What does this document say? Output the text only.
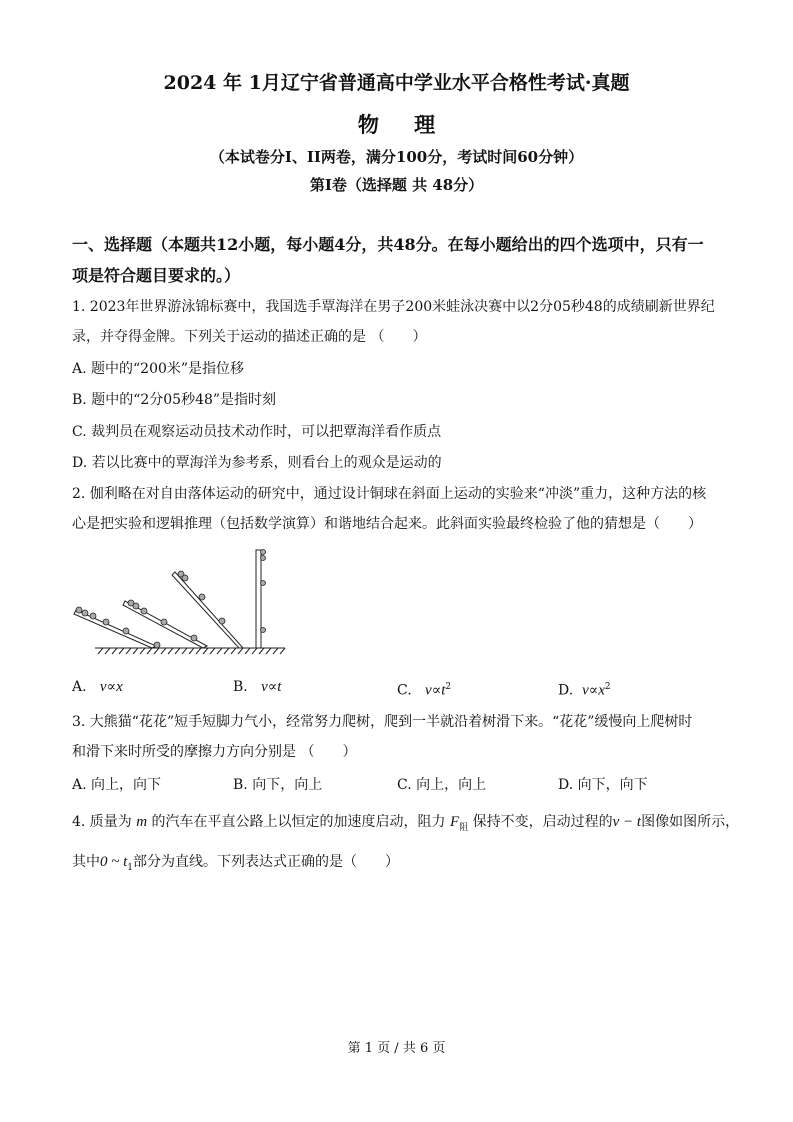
2024 年 1月辽宁省普通高中学业水平合格性考试·真题
物 理
（本试卷分I、II两卷，满分100分，考试时间60分钟）
第I卷（选择题 共 48分）
一、选择题（本题共12小题，每小题4分，共48分。在每小题给出的四个选项中，只有一
项是符合题目要求的。）
1. 2023年世界游泳锦标赛中，我国选手覃海洋在男子200米蛙泳决赛中以2分05秒48的成绩刷新世界纪
录，并夺得金牌。下列关于运动的描述正确的是 （　　）
A. 题中的“200米”是指位移
B. 题中的“2分05秒48”是指时刻
C. 裁判员在观察运动员技术动作时，可以把覃海洋看作质点
D. 若以比赛中的覃海洋为参考系，则看台上的观众是运动的
2. 伽利略在对自由落体运动的研究中，通过设计铜球在斜面上运动的实验来“冲淡”重力，这种方法的核
心是把实验和逻辑推理（包括数学演算）和谐地结合起来。此斜面实验最终检验了他的猜想是（　　）
A. v∝x	B. v∝t	C. $v\propto t^2$	D. $v\propto x^2$
3. 大熊猫“花花”短手短脚力气小，经常努力爬树，爬到一半就沿着树滑下来。“花花”缓慢向上爬树时
和滑下来时所受的摩擦力方向分别是 （　　）
A. 向上，向下	B. 向下，向上	C. 向上，向上	D. 向下，向下
4. 质量为 m 的汽车在平直公路上以恒定的加速度启动，阻力 $F_阻$ 保持不变，启动过程的v − t图像如图所示，
其中0 ~ $t_1$部分为直线。下列表达式正确的是（　　）
第 1 页 / 共 6 页
